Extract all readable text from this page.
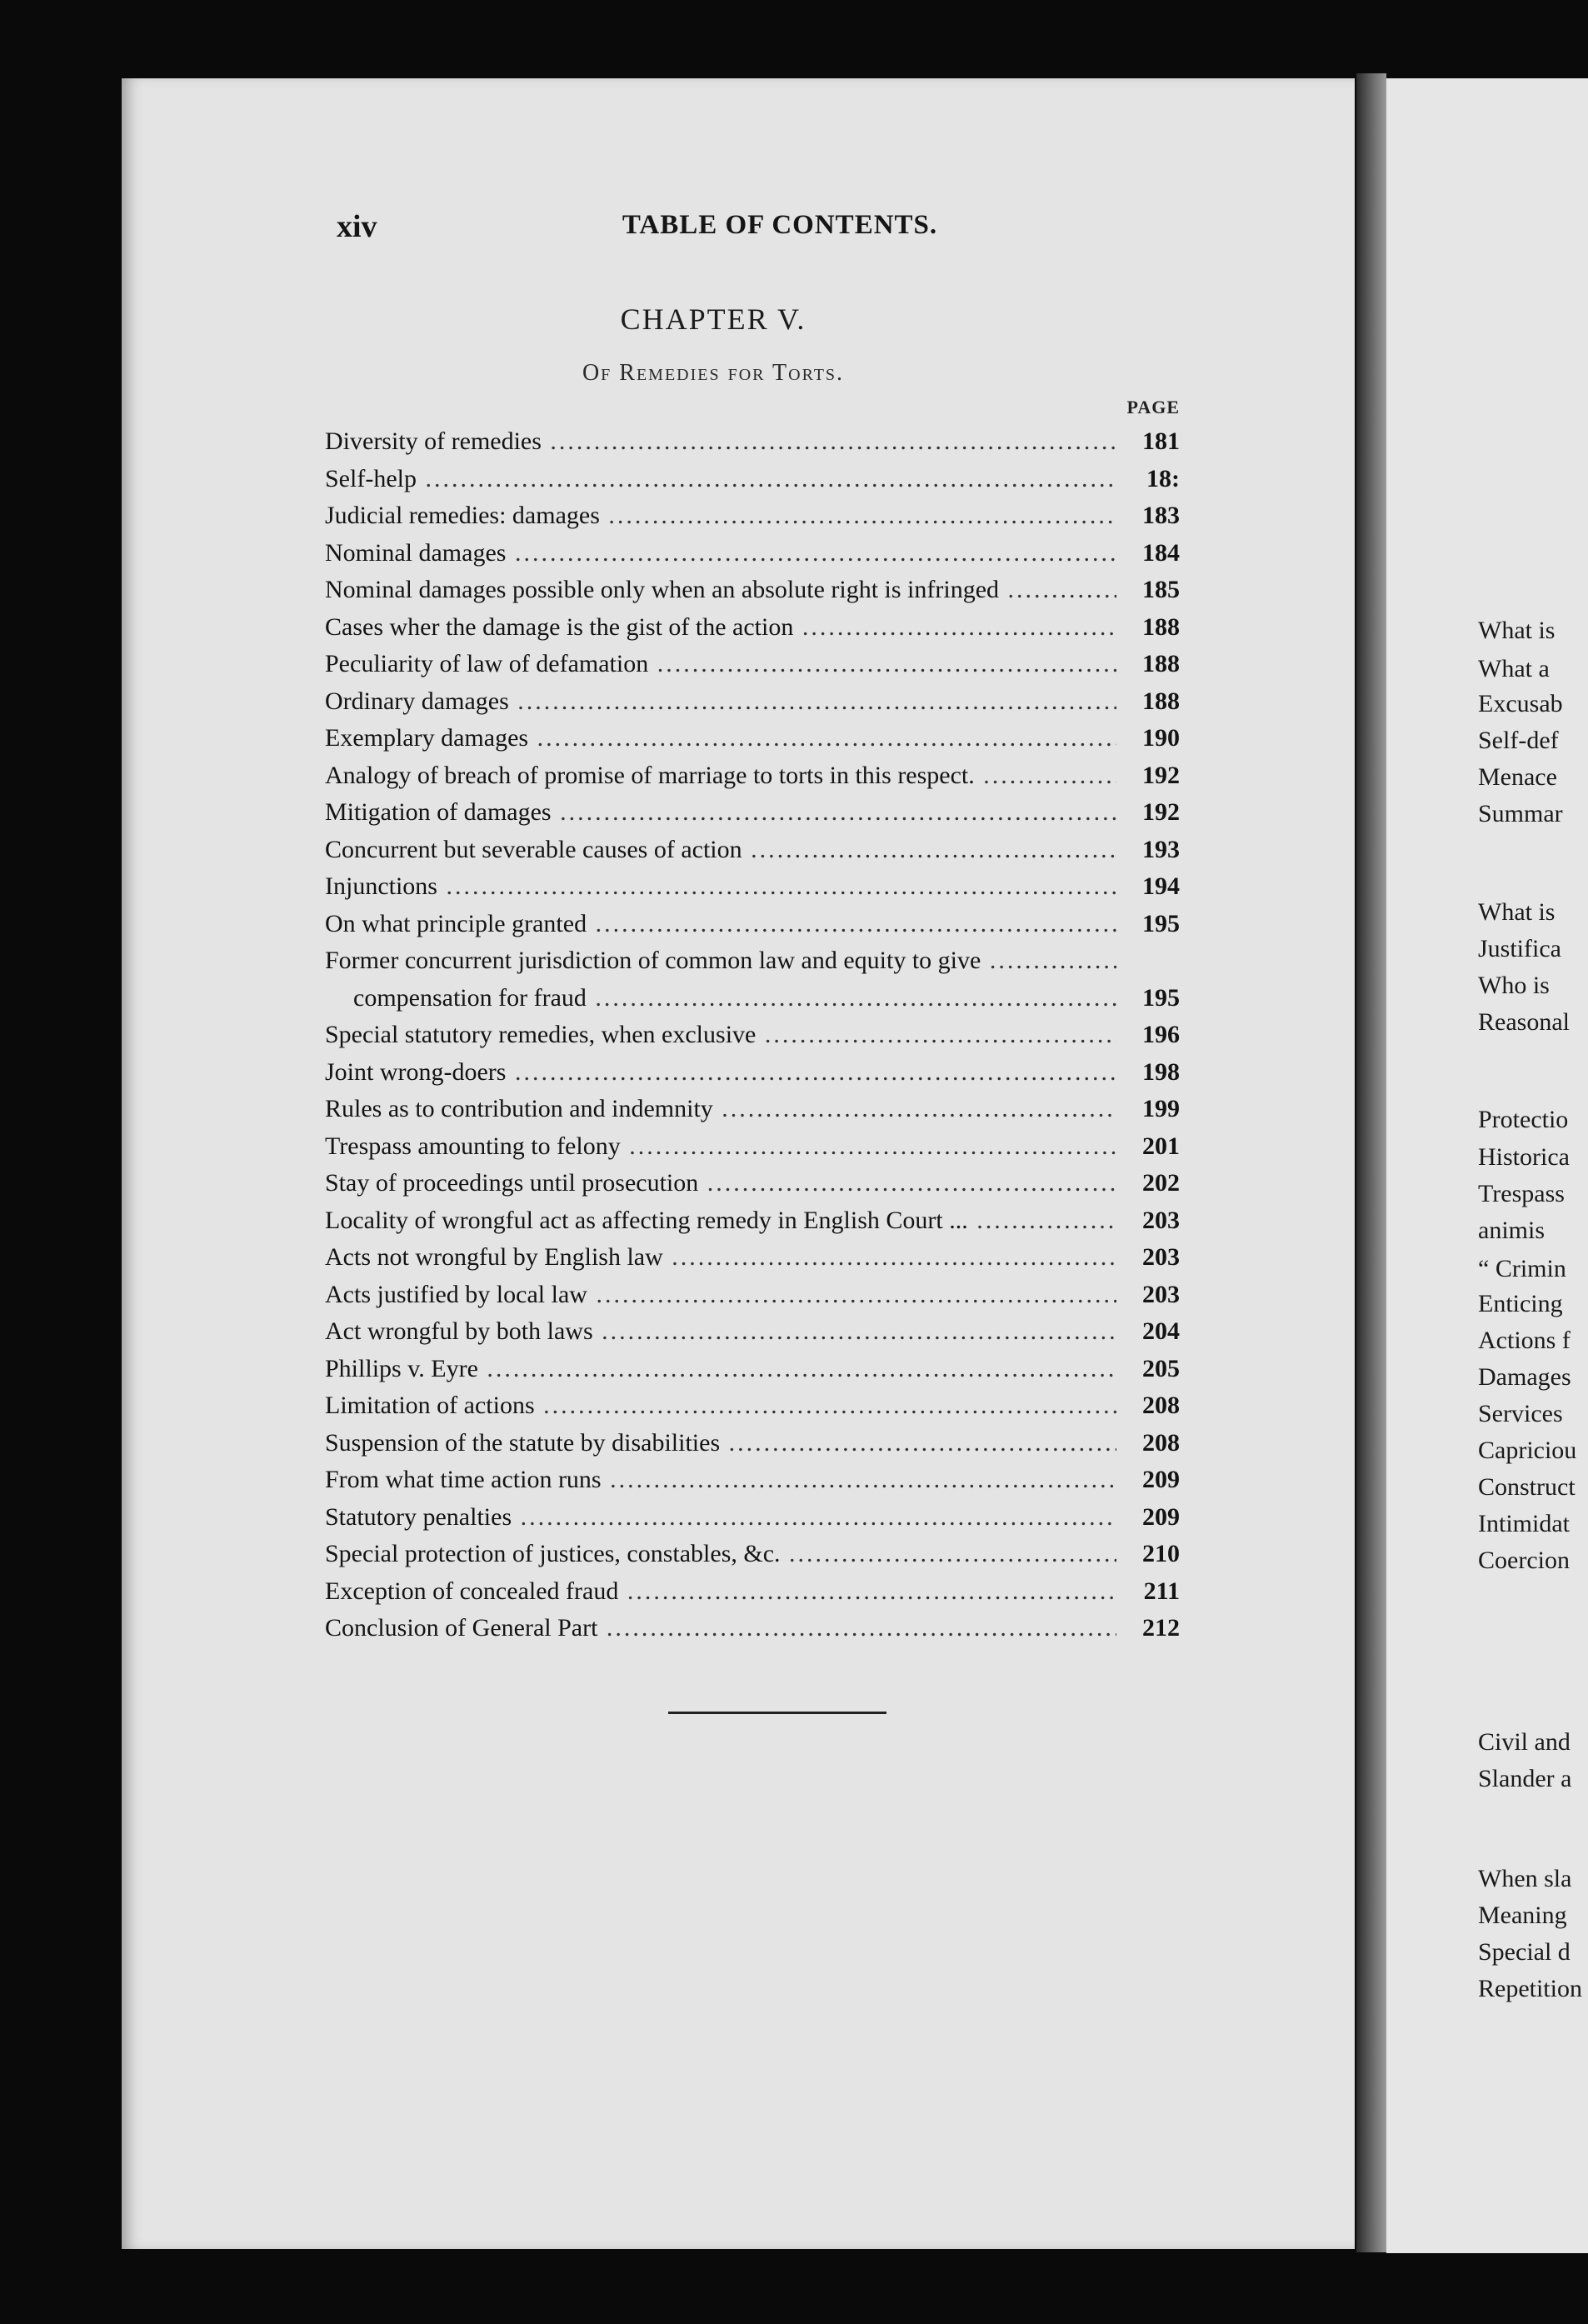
xiv	TABLE OF CONTENTS.
CHAPTER V.
Of Remedies for Torts.
PAGE
Diversity of remedies .....	181
Self-help .....	18:
Judicial remedies: damages .....	183
Nominal damages .....	184
Nominal damages possible only when an absolute right is infringed .....	185
Cases wher the damage is the gist of the action .....	188
Peculiarity of law of defamation .....	188
Ordinary damages .....	188
Exemplary damages .....	190
Analogy of breach of promise of marriage to torts in this respect. .....	192
Mitigation of damages .....	192
Concurrent but severable causes of action .....	193
Injunctions .....	194
On what principle granted .....	195
Former concurrent jurisdiction of common law and equity to give .....
compensation for fraud .....	195
Special statutory remedies, when exclusive .....	196
Joint wrong-doers .....	198
Rules as to contribution and indemnity .....	199
Trespass amounting to felony .....	201
Stay of proceedings until prosecution .....	202
Locality of wrongful act as affecting remedy in English Court ... .....	203
Acts not wrongful by English law .....	203
Acts justified by local law .....	203
Act wrongful by both laws .....	204
Phillips v. Eyre .....	205
Limitation of actions .....	208
Suspension of the statute by disabilities .....	208
From what time action runs .....	209
Statutory penalties .....	209
Special protection of justices, constables, &c. .....	210
Exception of concealed fraud .....	211
Conclusion of General Part .....	212
What is
What a
Excusab
Self-def
Menace
Summar
What is
Justifica
Who is
Reasonal
Protectio
Historica
Trespass
animis
“ Crimin
Enticing
Actions f
Damages
Services
Capriciou
Construct
Intimidat
Coercion
Civil and
Slander a
When sla
Meaning
Special d
Repetition
